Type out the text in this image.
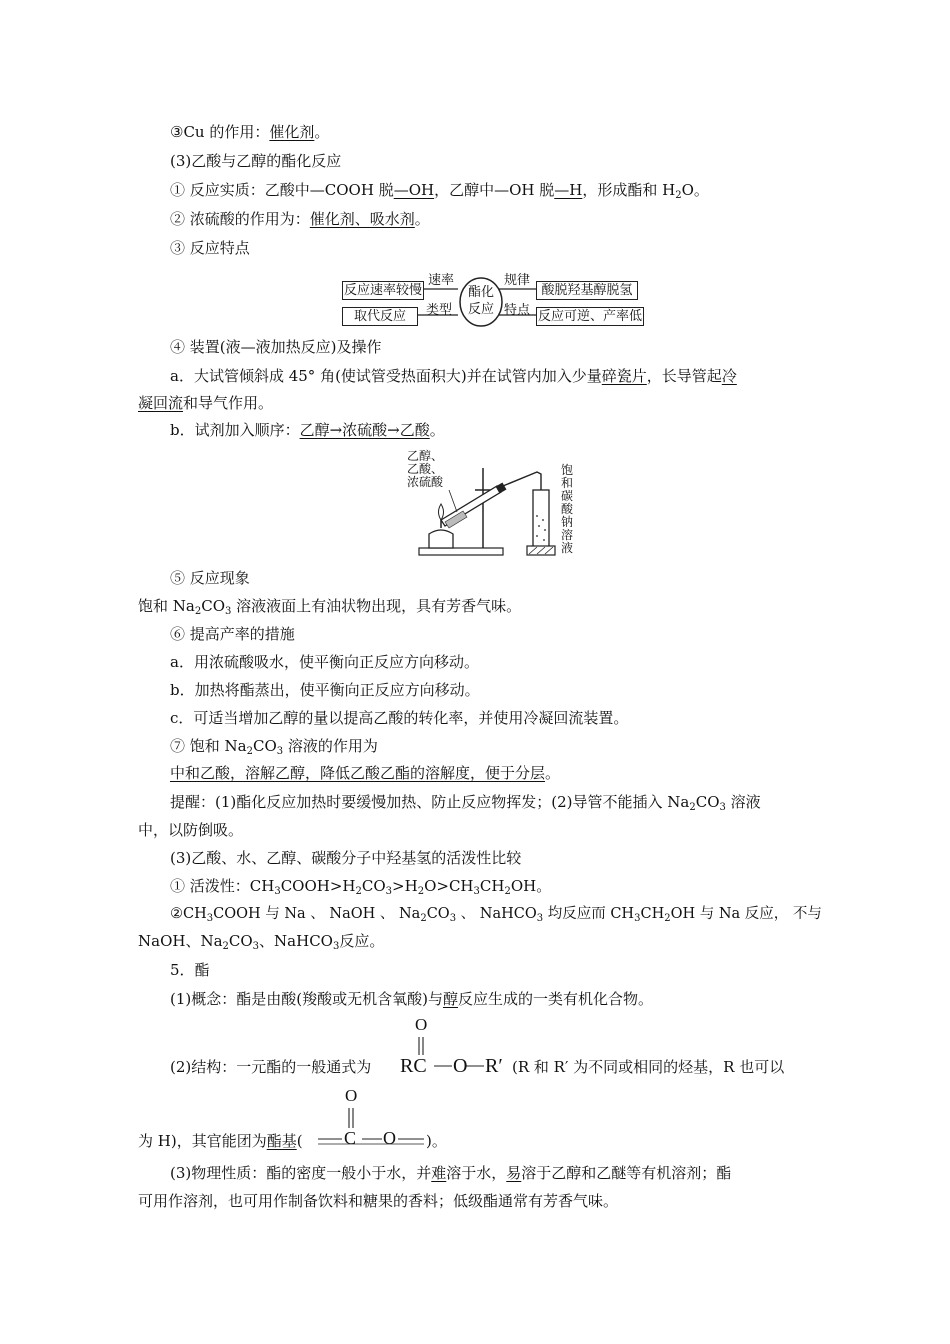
③Cu 的作用：催化剂。
(3)乙酸与乙醇的酯化反应
① 反应实质：乙酸中—COOH 脱—OH，乙醇中—OH 脱—H，形成酯和 $H_2O$。
② 浓硫酸的作用为：催化剂、吸水剂。
③ 反应特点
酯化
反应
反应速率较慢
速率
取代反应	类型
规律
酸脱羟基醇脱氢
特点 反应可逆、产率低
④ 装置(液—液加热反应)及操作
a．大试管倾斜成 45° 角(使试管受热面积大)并在试管内加入少量碎瓷片，长导管起冷
凝回流和导气作用。
b．试剂加入顺序：乙醇→浓硫酸→乙酸。
乙醇、
乙酸、
浓硫酸
饱
和
碳
酸
钠
溶
液
⑤ 反应现象
饱和 $Na_2CO_3$ 溶液液面上有油状物出现，具有芳香气味。
⑥ 提高产率的措施
a．用浓硫酸吸水，使平衡向正反应方向移动。
b．加热将酯蒸出，使平衡向正反应方向移动。
c．可适当增加乙醇的量以提高乙酸的转化率，并使用冷凝回流装置。
⑦ 饱和 $Na_2CO_3$ 溶液的作用为
中和乙酸，溶解乙醇，降低乙酸乙酯的溶解度，便于分层。
提醒：(1)酯化反应加热时要缓慢加热、防止反应物挥发；(2)导管不能插入 $Na_2CO_3$ 溶液
中，以防倒吸。
(3)乙酸、水、乙醇、碳酸分子中羟基氢的活泼性比较
① 活泼性：$CH_3COOH>H_2CO_3>H_2O>CH_3CH_2OH$。
$②CH_3COOH$ 与 Na 、 NaOH 、 $Na_2CO_3$ 、 NaHCO$_3$ 均反应而 $CH_3CH_2OH$ 与 Na 反应， 不与
NaOH、$Na_2CO_3$、NaHCO$_3$反应。
5．酯
(1)概念：酯是由酸(羧酸或无机含氧酸)与醇反应生成的一类有机化合物。
(2)结构：一元酯的一般通式为
O
RC O R′ (R 和 R′ 为不同或相同的烃基，R 也可以
为 H)，其官能团为酯基(
O
C O )。
(3)物理性质：酯的密度一般小于水，并难溶于水，易溶于乙醇和乙醚等有机溶剂；酯
可用作溶剂，也可用作制备饮料和糖果的香料；低级酯通常有芳香气味。
